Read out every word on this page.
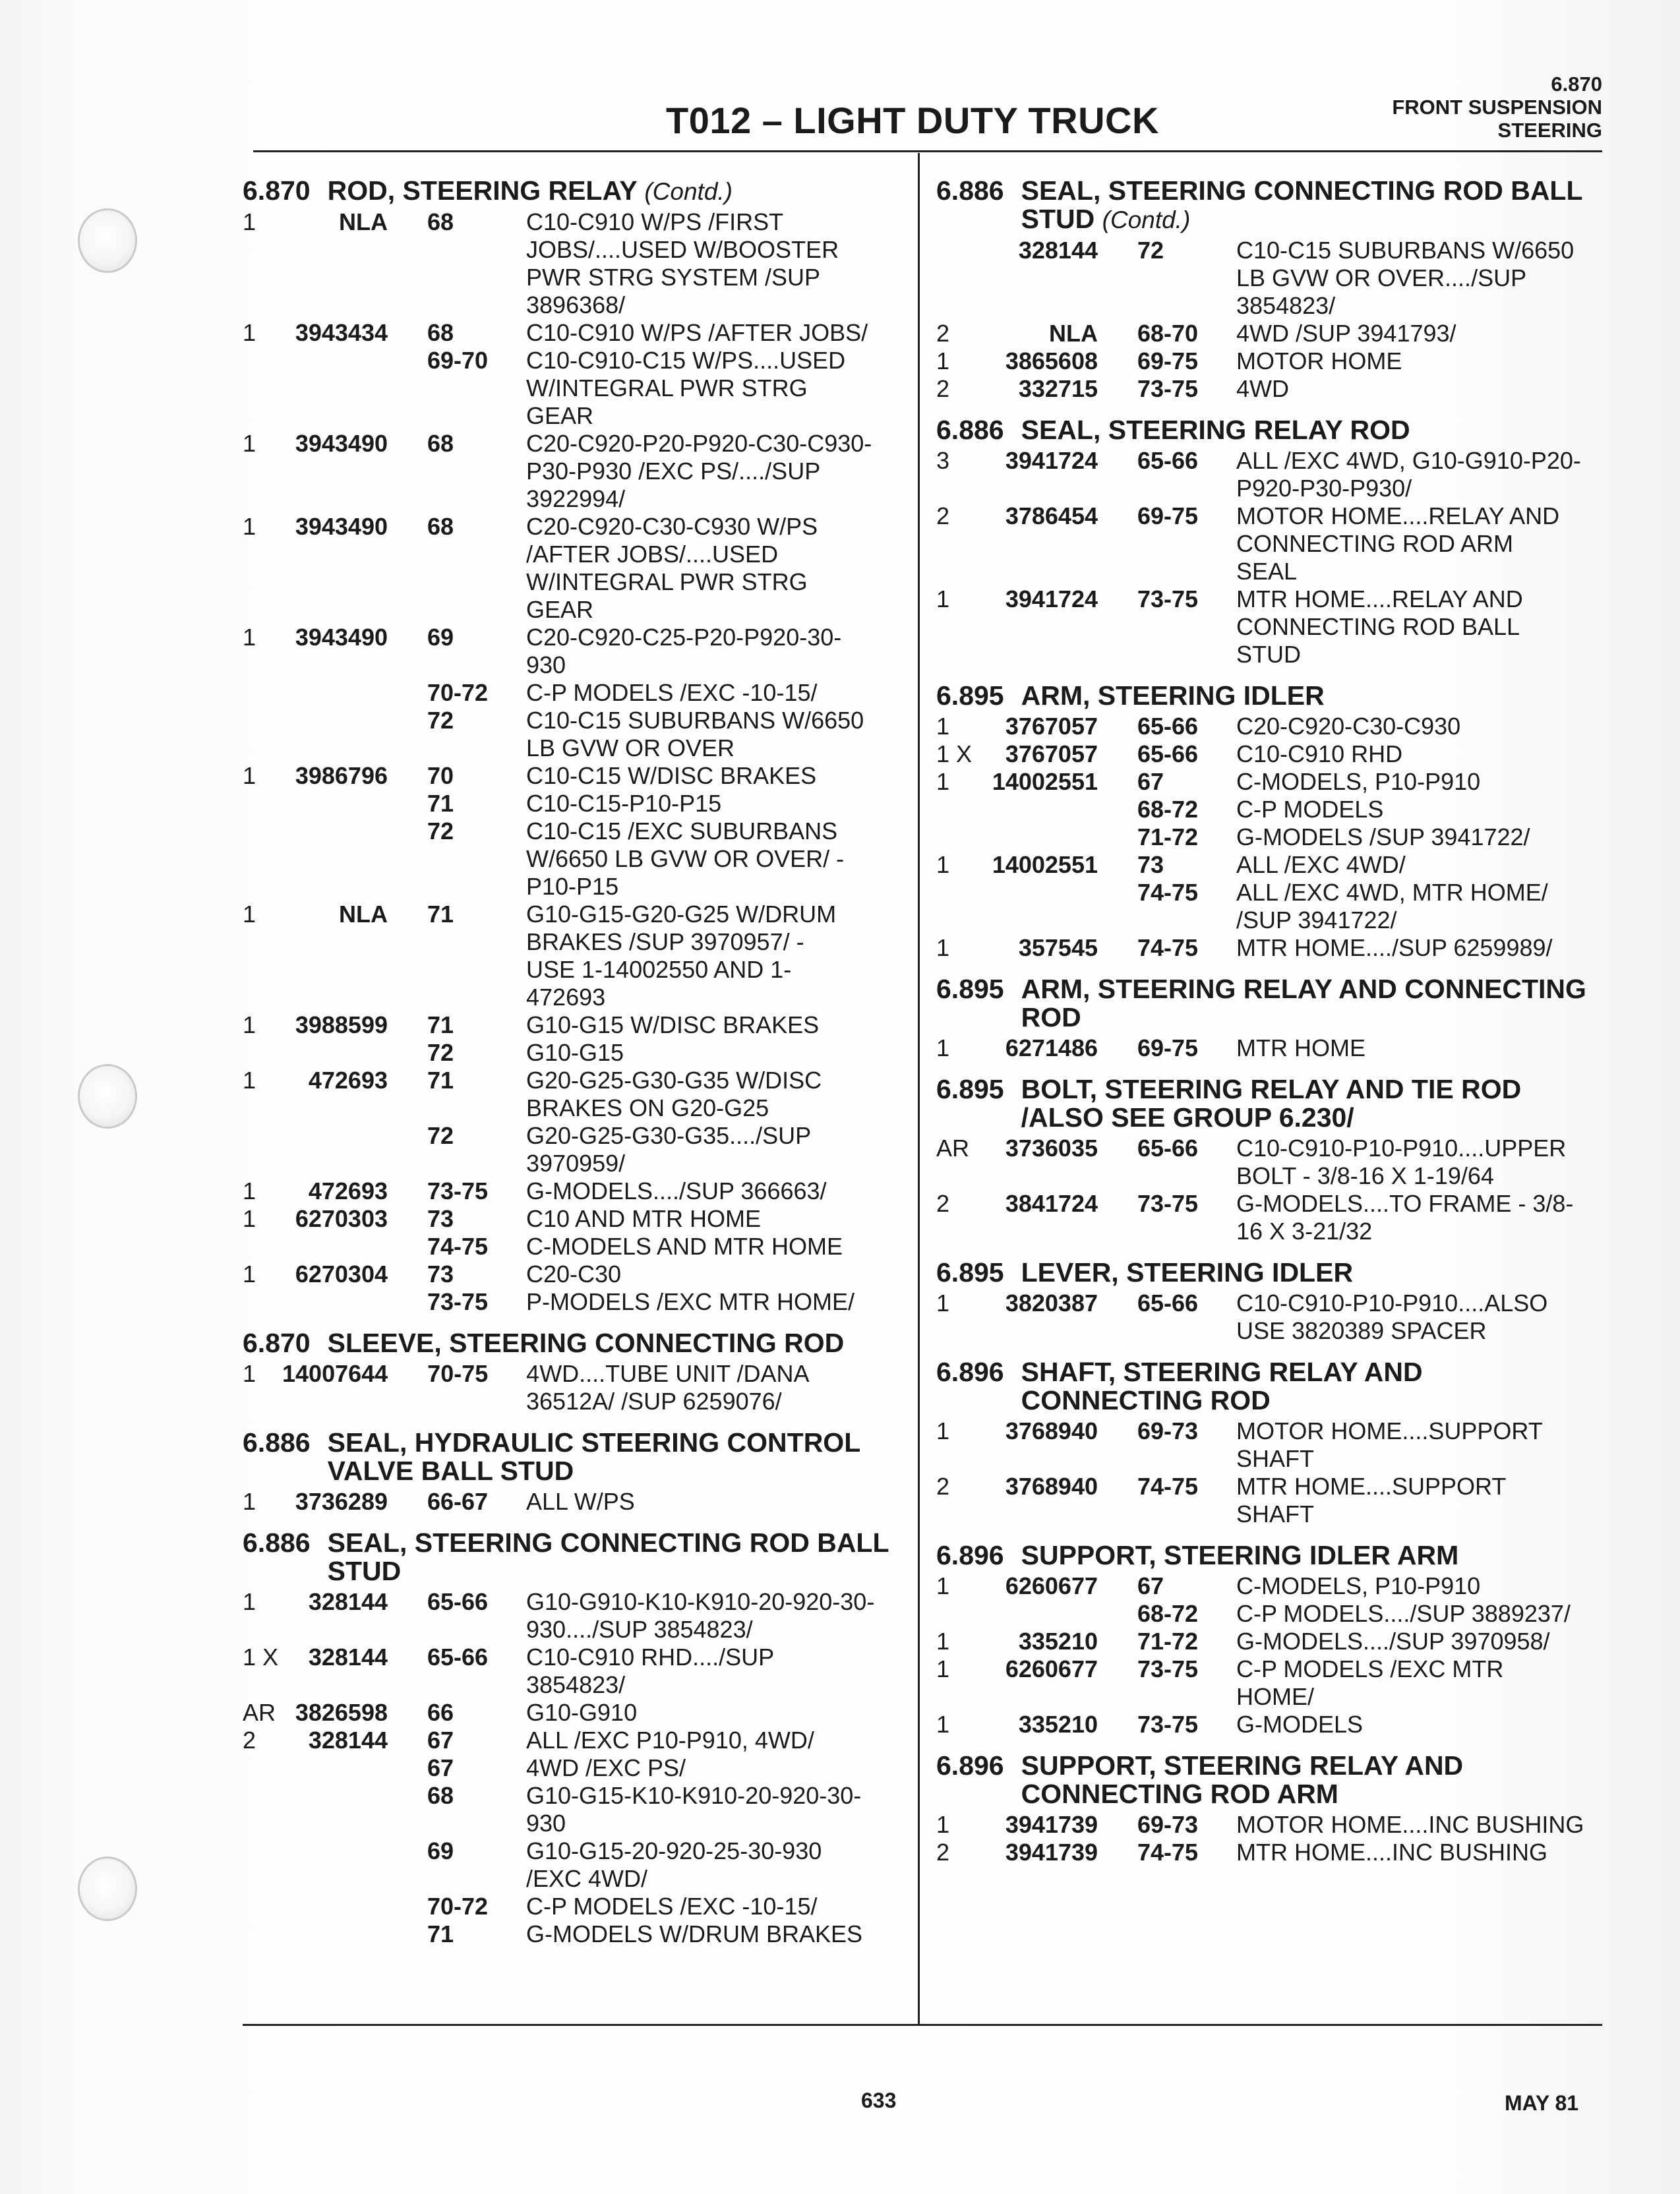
T012 – LIGHT DUTY TRUCK
6.870
FRONT SUSPENSION
STEERING
6.870 ROD, STEERING RELAY (Contd.)
1	NLA	68	C10-C910 W/PS /FIRST
JOBS/....USED W/BOOSTER
PWR STRG SYSTEM /SUP
3896368/
1	3943434	68	C10-C910 W/PS /AFTER JOBS/
69-70	C10-C910-C15 W/PS....USED
W/INTEGRAL PWR STRG
GEAR
1	3943490	68	C20-C920-P20-P920-C30-C930-
P30-P930 /EXC PS/..../SUP
3922994/
1	3943490	68	C20-C920-C30-C930 W/PS
/AFTER JOBS/....USED
W/INTEGRAL PWR STRG
GEAR
1	3943490	69	C20-C920-C25-P20-P920-30-
930
70-72	C-P MODELS /EXC -10-15/
72	C10-C15 SUBURBANS W/6650
LB GVW OR OVER
1	3986796	70	C10-C15 W/DISC BRAKES
71	C10-C15-P10-P15
72	C10-C15 /EXC SUBURBANS
W/6650 LB GVW OR OVER/ -
P10-P15
1	NLA	71	G10-G15-G20-G25 W/DRUM
BRAKES /SUP 3970957/ -
USE 1-14002550 AND 1-
472693
1	3988599	71	G10-G15 W/DISC BRAKES
72	G10-G15
1	472693	71	G20-G25-G30-G35 W/DISC
BRAKES ON G20-G25
72	G20-G25-G30-G35..../SUP
3970959/
1	472693	73-75	G-MODELS..../SUP 366663/
1	6270303	73	C10 AND MTR HOME
74-75	C-MODELS AND MTR HOME
1	6270304	73	C20-C30
73-75	P-MODELS /EXC MTR HOME/
6.870 SLEEVE, STEERING CONNECTING ROD
1	14007644	70-75	4WD....TUBE UNIT /DANA
36512A/ /SUP 6259076/
6.886 SEAL, HYDRAULIC STEERING CONTROL VALVE BALL STUD
1	3736289	66-67	ALL W/PS
6.886 SEAL, STEERING CONNECTING ROD BALL STUD
1	328144	65-66	G10-G910-K10-K910-20-920-30-
930..../SUP 3854823/
1 X	328144	65-66	C10-C910 RHD..../SUP
3854823/
AR 3826598	66	G10-G910
2	328144	67	ALL /EXC P10-P910, 4WD/
67	4WD /EXC PS/
68	G10-G15-K10-K910-20-920-30-
930
69	G10-G15-20-920-25-30-930
/EXC 4WD/
70-72	C-P MODELS /EXC -10-15/
71	G-MODELS W/DRUM BRAKES
6.886 SEAL, STEERING CONNECTING ROD BALL STUD (Contd.)
328144	72	C10-C15 SUBURBANS W/6650
LB GVW OR OVER..../SUP
3854823/
2	NLA	68-70	4WD /SUP 3941793/
1	3865608	69-75	MOTOR HOME
2	332715	73-75	4WD
6.886 SEAL, STEERING RELAY ROD
3	3941724	65-66	ALL /EXC 4WD, G10-G910-P20-
P920-P30-P930/
2	3786454	69-75	MOTOR HOME....RELAY AND
CONNECTING ROD ARM
SEAL
1	3941724	73-75	MTR HOME....RELAY AND
CONNECTING ROD BALL
STUD
6.895 ARM, STEERING IDLER
1	3767057	65-66	C20-C920-C30-C930
1 X	3767057	65-66	C10-C910 RHD
1	14002551	67	C-MODELS, P10-P910
68-72	C-P MODELS
71-72	G-MODELS /SUP 3941722/
1	14002551	73	ALL /EXC 4WD/
74-75	ALL /EXC 4WD, MTR HOME/
/SUP 3941722/
1	357545	74-75	MTR HOME..../SUP 6259989/
6.895 ARM, STEERING RELAY AND CONNECTING ROD
1	6271486	69-75	MTR HOME
6.895 BOLT, STEERING RELAY AND TIE ROD /ALSO SEE GROUP 6.230/
AR	3736035	65-66	C10-C910-P10-P910....UPPER
BOLT - 3/8-16 X 1-19/64
2	3841724	73-75	G-MODELS....TO FRAME - 3/8-
16 X 3-21/32
6.895 LEVER, STEERING IDLER
1	3820387	65-66	C10-C910-P10-P910....ALSO
USE 3820389 SPACER
6.896 SHAFT, STEERING RELAY AND CONNECTING ROD
1	3768940	69-73	MOTOR HOME....SUPPORT
SHAFT
2	3768940	74-75	MTR HOME....SUPPORT
SHAFT
6.896 SUPPORT, STEERING IDLER ARM
1	6260677	67	C-MODELS, P10-P910
68-72	C-P MODELS..../SUP 3889237/
1	335210	71-72	G-MODELS..../SUP 3970958/
1	6260677	73-75	C-P MODELS /EXC MTR
HOME/
1	335210	73-75	G-MODELS
6.896 SUPPORT, STEERING RELAY AND CONNECTING ROD ARM
1	3941739	69-73	MOTOR HOME....INC BUSHING
2	3941739	74-75	MTR HOME....INC BUSHING
633	MAY 81
